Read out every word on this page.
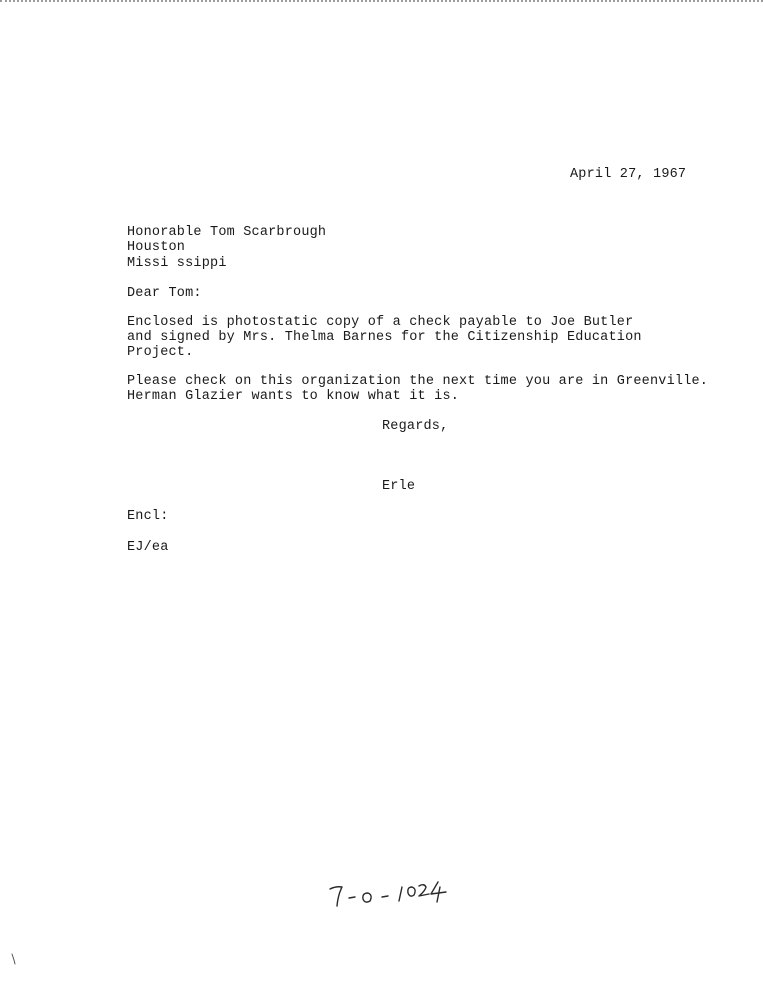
April 27, 1967
Honorable Tom Scarbrough
Houston
Missi ssippi
Dear Tom:
Enclosed is photostatic copy of a check payable to Joe Butler
and signed by Mrs. Thelma Barnes for the Citizenship Education
Project.
Please check on this organization the next time you are in Greenville.
Herman Glazier wants to know what it is.
Regards,
Erle
Encl:
EJ/ea
